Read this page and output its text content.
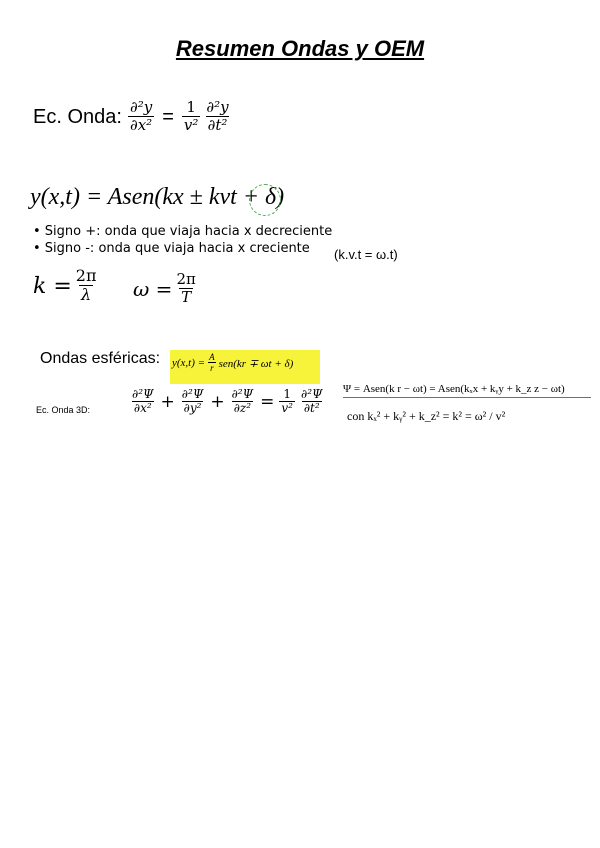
Resumen Ondas y OEM
Ec. Onda: $\frac{\text{∂²y}}{\text{∂x²}} = \frac{1}{\text{v²}} \frac{\text{∂²y}}{\text{∂t²}}$
y(x,t) = Asen(kx ± kvt + δ)
• Signo +: onda que viaja hacia x decreciente
• Signo -: onda que viaja hacia x creciente (k.v.t = ω.t)
$k = \frac{2\pi}{\lambda}$ $\omega = \frac{2\pi}{T}$
Ondas esféricas: $y(x,t) = \frac{A}{r} sen(kr \mp \omega t + \delta)$
Ec. Onda 3D:	$\frac{\text{∂²Ψ}}{\text{∂x²}} + \frac{\text{∂²Ψ}}{\text{∂y²}} + \frac{\text{∂²Ψ}}{\text{∂z²}} = \frac{1}{\text{v²}} \frac{\text{∂²Ψ}}{\text{∂t²}}$ Ψ = Asen(k r − ωt) = Asen(kₓx + kᵧy + k_z z − ωt)
con kₓ² + kᵧ² + k_z² = k² = ω² / v²
